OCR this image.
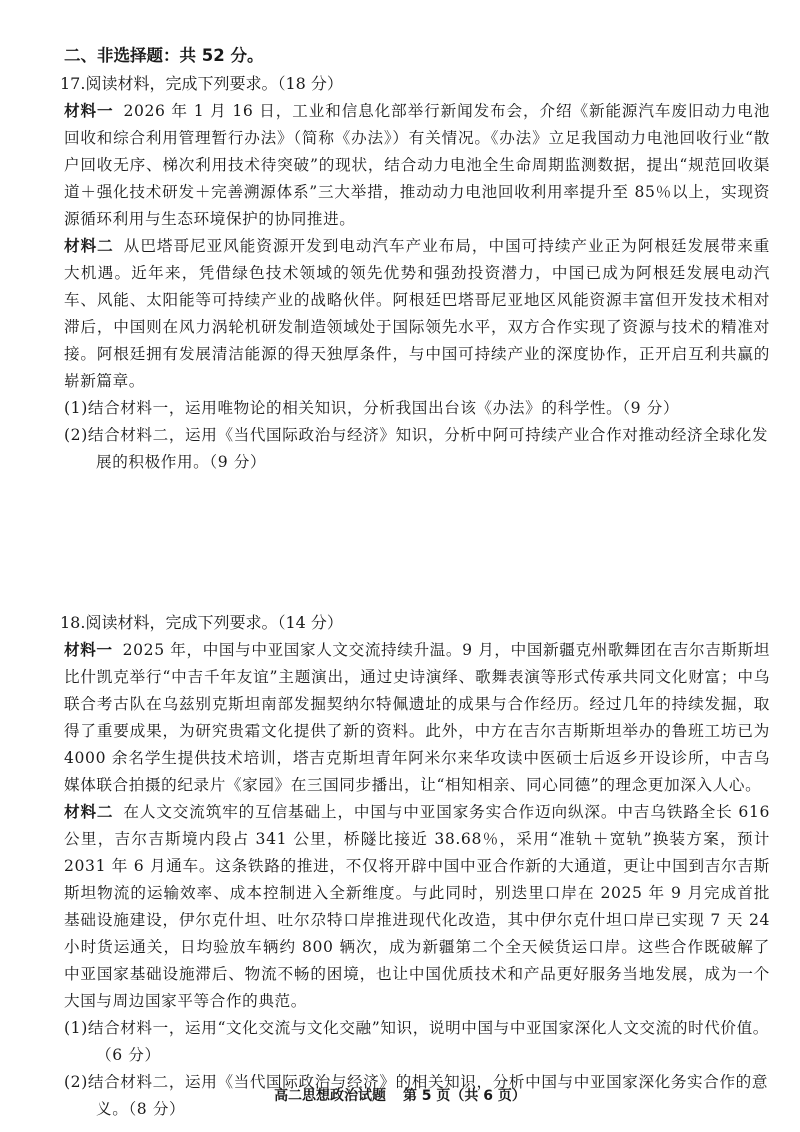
二、非选择题：共 52 分。

17.阅读材料，完成下列要求。（18 分）

材料一 2026 年 1 月 16 日，工业和信息化部举行新闻发布会，介绍《新能源汽车废旧动力电池回收和综合利用管理暂行办法》（简称《办法》）有关情况。《办法》立足我国动力电池回收行业“散户回收无序、梯次利用技术待突破”的现状，结合动力电池全生命周期监测数据，提出“规范回收渠道＋强化技术研发＋完善溯源体系”三大举措，推动动力电池回收利用率提升至 85％以上，实现资源循环利用与生态环境保护的协同推进。

材料二 从巴塔哥尼亚风能资源开发到电动汽车产业布局，中国可持续产业正为阿根廷发展带来重大机遇。近年来，凭借绿色技术领域的领先优势和强劲投资潜力，中国已成为阿根廷发展电动汽车、风能、太阳能等可持续产业的战略伙伴。阿根廷巴塔哥尼亚地区风能资源丰富但开发技术相对滞后，中国则在风力涡轮机研发制造领域处于国际领先水平，双方合作实现了资源与技术的精准对接。阿根廷拥有发展清洁能源的得天独厚条件，与中国可持续产业的深度协作，正开启互利共赢的崭新篇章。

(1)结合材料一，运用唯物论的相关知识，分析我国出台该《办法》的科学性。（9 分）

(2)结合材料二，运用《当代国际政治与经济》知识，分析中阿可持续产业合作对推动经济全球化发展的积极作用。（9 分）

18.阅读材料，完成下列要求。（14 分）

材料一 2025 年，中国与中亚国家人文交流持续升温。9 月，中国新疆克州歌舞团在吉尔吉斯斯坦比什凯克举行“中吉千年友谊”主题演出，通过史诗演绎、歌舞表演等形式传承共同文化财富；中乌联合考古队在乌兹别克斯坦南部发掘契纳尔特佩遗址的成果与合作经历。经过几年的持续发掘，取得了重要成果，为研究贵霜文化提供了新的资料。此外，中方在吉尔吉斯斯坦举办的鲁班工坊已为 4000 余名学生提供技术培训，塔吉克斯坦青年阿米尔来华攻读中医硕士后返乡开设诊所，中吉乌媒体联合拍摄的纪录片《家园》在三国同步播出，让“相知相亲、同心同德”的理念更加深入人心。

材料二 在人文交流筑牢的互信基础上，中国与中亚国家务实合作迈向纵深。中吉乌铁路全长 616 公里，吉尔吉斯境内段占 341 公里，桥隧比接近 38.68％，采用“准轨＋宽轨”换装方案，预计 2031 年 6 月通车。这条铁路的推进，不仅将开辟中国中亚合作新的大通道，更让中国到吉尔吉斯斯坦物流的运输效率、成本控制进入全新维度。与此同时，别迭里口岸在 2025 年 9 月完成首批基础设施建设，伊尔克什坦、吐尔尕特口岸推进现代化改造，其中伊尔克什坦口岸已实现 7 天 24 小时货运通关，日均验放车辆约 800 辆次，成为新疆第二个全天候货运口岸。这些合作既破解了中亚国家基础设施滞后、物流不畅的困境，也让中国优质技术和产品更好服务当地发展，成为一个大国与周边国家平等合作的典范。

(1)结合材料一，运用“文化交流与文化交融”知识，说明中国与中亚国家深化人文交流的时代价值。（6 分）

(2)结合材料二，运用《当代国际政治与经济》的相关知识，分析中国与中亚国家深化务实合作的意义。（8 分）

高二思想政治试题 第 5 页（共 6 页）
